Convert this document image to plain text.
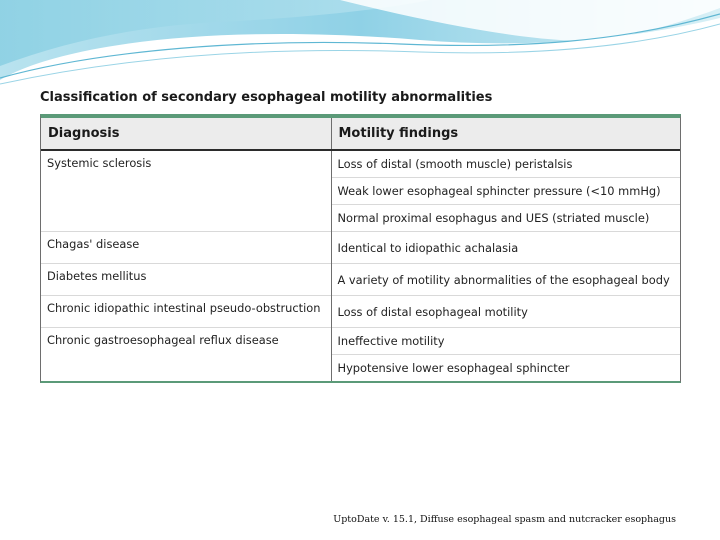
Classification of secondary esophageal motility abnormalities
Diagnosis	Motility findings
Systemic sclerosis	Loss of distal (smooth muscle) peristalsis
	Weak lower esophageal sphincter pressure (<10 mmHg)
	Normal proximal esophagus and UES (striated muscle)
Chagas' disease	Identical to idiopathic achalasia
Diabetes mellitus	A variety of motility abnormalities of the esophageal body
Chronic idiopathic intestinal pseudo-obstruction	Loss of distal esophageal motility
Chronic gastroesophageal reflux disease	Ineffective motility
	Hypotensive lower esophageal sphincter
UptoDate v. 15.1, Diffuse esophageal spasm and nutcracker esophagus
